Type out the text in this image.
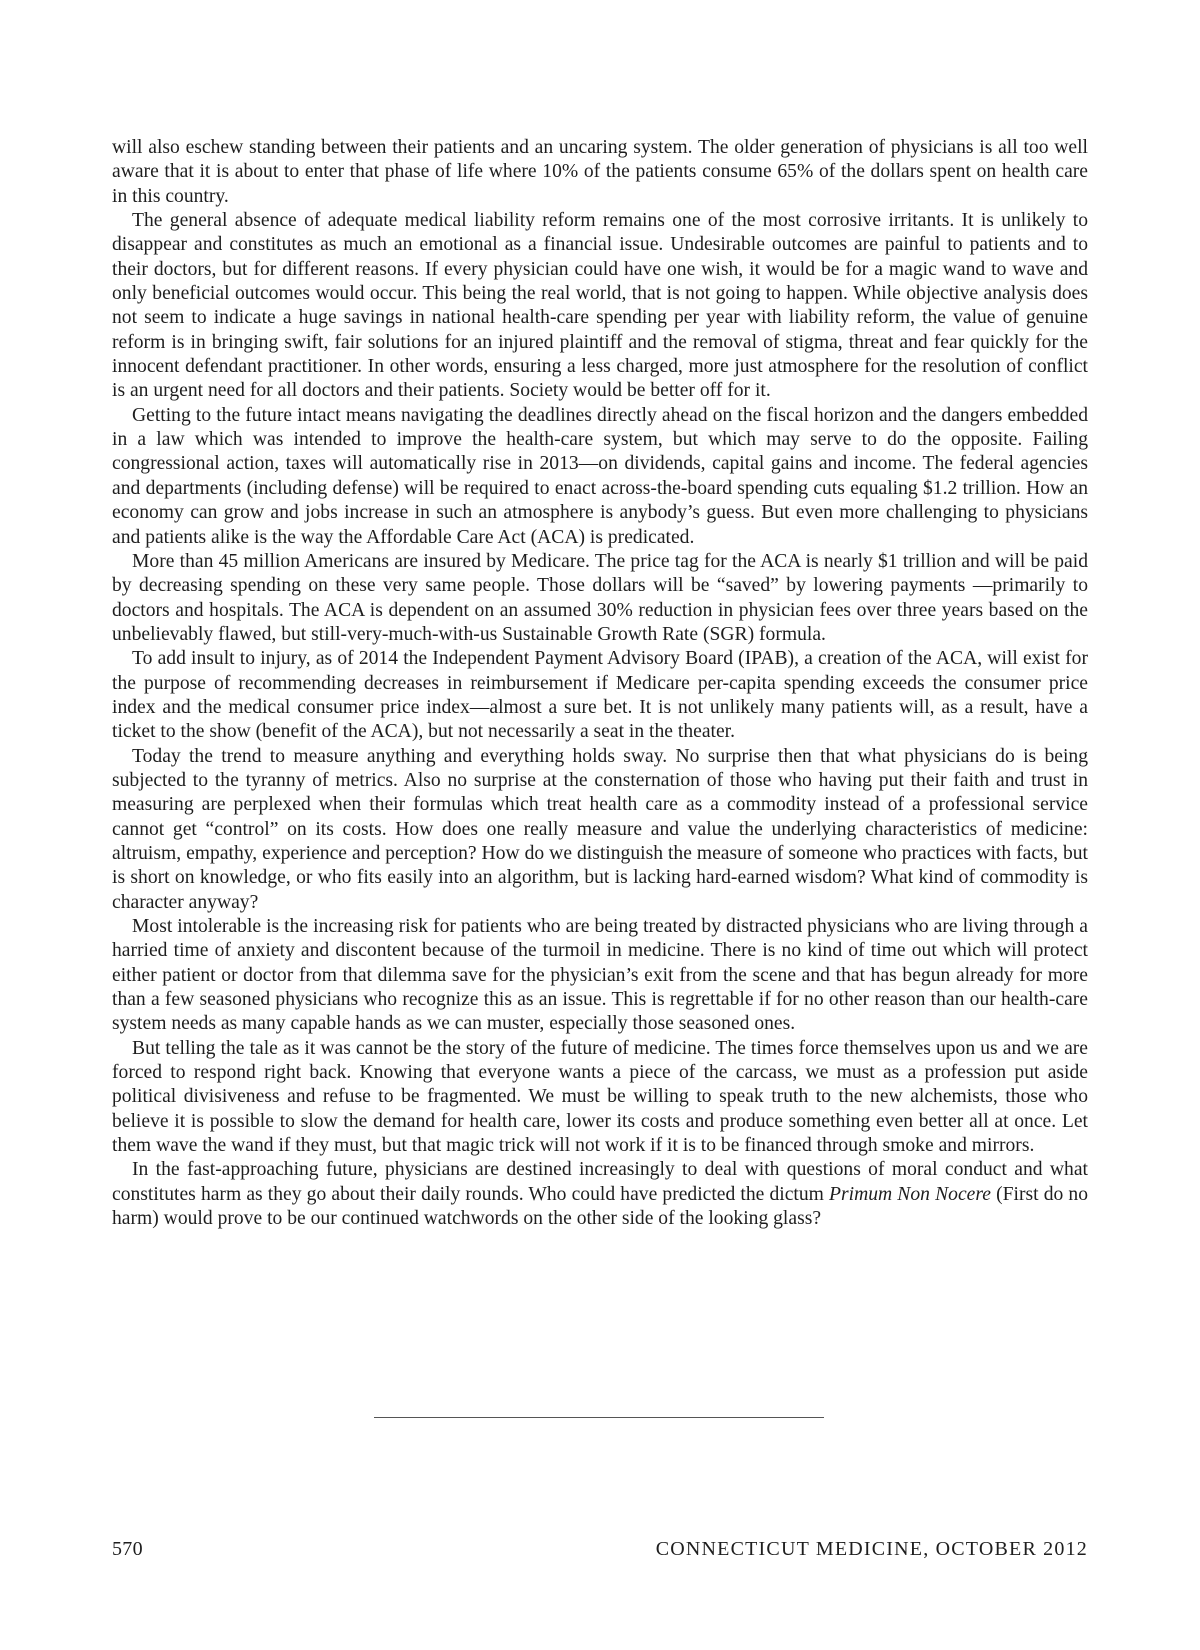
will also eschew standing between their patients and an uncaring system. The older generation of physicians is all too well aware that it is about to enter that phase of life where 10% of the patients consume 65% of the dollars spent on health care in this country.

The general absence of adequate medical liability reform remains one of the most corrosive irritants. It is unlikely to disappear and constitutes as much an emotional as a financial issue. Undesirable outcomes are painful to patients and to their doctors, but for different reasons. If every physician could have one wish, it would be for a magic wand to wave and only beneficial outcomes would occur. This being the real world, that is not going to happen. While objective analysis does not seem to indicate a huge savings in national health-care spending per year with liability reform, the value of genuine reform is in bringing swift, fair solutions for an injured plaintiff and the removal of stigma, threat and fear quickly for the innocent defendant practitioner. In other words, ensuring a less charged, more just atmosphere for the resolution of conflict is an urgent need for all doctors and their patients. Society would be better off for it.

Getting to the future intact means navigating the deadlines directly ahead on the fiscal horizon and the dangers embedded in a law which was intended to improve the health-care system, but which may serve to do the opposite. Failing congressional action, taxes will automatically rise in 2013—on dividends, capital gains and income. The federal agencies and departments (including defense) will be required to enact across-the-board spending cuts equaling $1.2 trillion. How an economy can grow and jobs increase in such an atmosphere is anybody’s guess. But even more challenging to physicians and patients alike is the way the Affordable Care Act (ACA) is predicated.

More than 45 million Americans are insured by Medicare. The price tag for the ACA is nearly $1 trillion and will be paid by decreasing spending on these very same people. Those dollars will be “saved” by lowering payments —primarily to doctors and hospitals. The ACA is dependent on an assumed 30% reduction in physician fees over three years based on the unbelievably flawed, but still-very-much-with-us Sustainable Growth Rate (SGR) formula.

To add insult to injury, as of 2014 the Independent Payment Advisory Board (IPAB), a creation of the ACA, will exist for the purpose of recommending decreases in reimbursement if Medicare per-capita spending exceeds the consumer price index and the medical consumer price index—almost a sure bet. It is not unlikely many patients will, as a result, have a ticket to the show (benefit of the ACA), but not necessarily a seat in the theater.

Today the trend to measure anything and everything holds sway. No surprise then that what physicians do is being subjected to the tyranny of metrics. Also no surprise at the consternation of those who having put their faith and trust in measuring are perplexed when their formulas which treat health care as a commodity instead of a professional service cannot get “control” on its costs. How does one really measure and value the underlying characteristics of medicine: altruism, empathy, experience and perception? How do we distinguish the measure of someone who practices with facts, but is short on knowledge, or who fits easily into an algorithm, but is lacking hard-earned wisdom? What kind of commodity is character anyway?

Most intolerable is the increasing risk for patients who are being treated by distracted physicians who are living through a harried time of anxiety and discontent because of the turmoil in medicine. There is no kind of time out which will protect either patient or doctor from that dilemma save for the physician’s exit from the scene and that has begun already for more than a few seasoned physicians who recognize this as an issue. This is regrettable if for no other reason than our health-care system needs as many capable hands as we can muster, especially those seasoned ones.

But telling the tale as it was cannot be the story of the future of medicine. The times force themselves upon us and we are forced to respond right back. Knowing that everyone wants a piece of the carcass, we must as a profession put aside political divisiveness and refuse to be fragmented. We must be willing to speak truth to the new alchemists, those who believe it is possible to slow the demand for health care, lower its costs and produce something even better all at once. Let them wave the wand if they must, but that magic trick will not work if it is to be financed through smoke and mirrors.

In the fast-approaching future, physicians are destined increasingly to deal with questions of moral conduct and what constitutes harm as they go about their daily rounds. Who could have predicted the dictum Primum Non Nocere (First do no harm) would prove to be our continued watchwords on the other side of the looking glass?

570	CONNECTICUT MEDICINE, OCTOBER 2012
